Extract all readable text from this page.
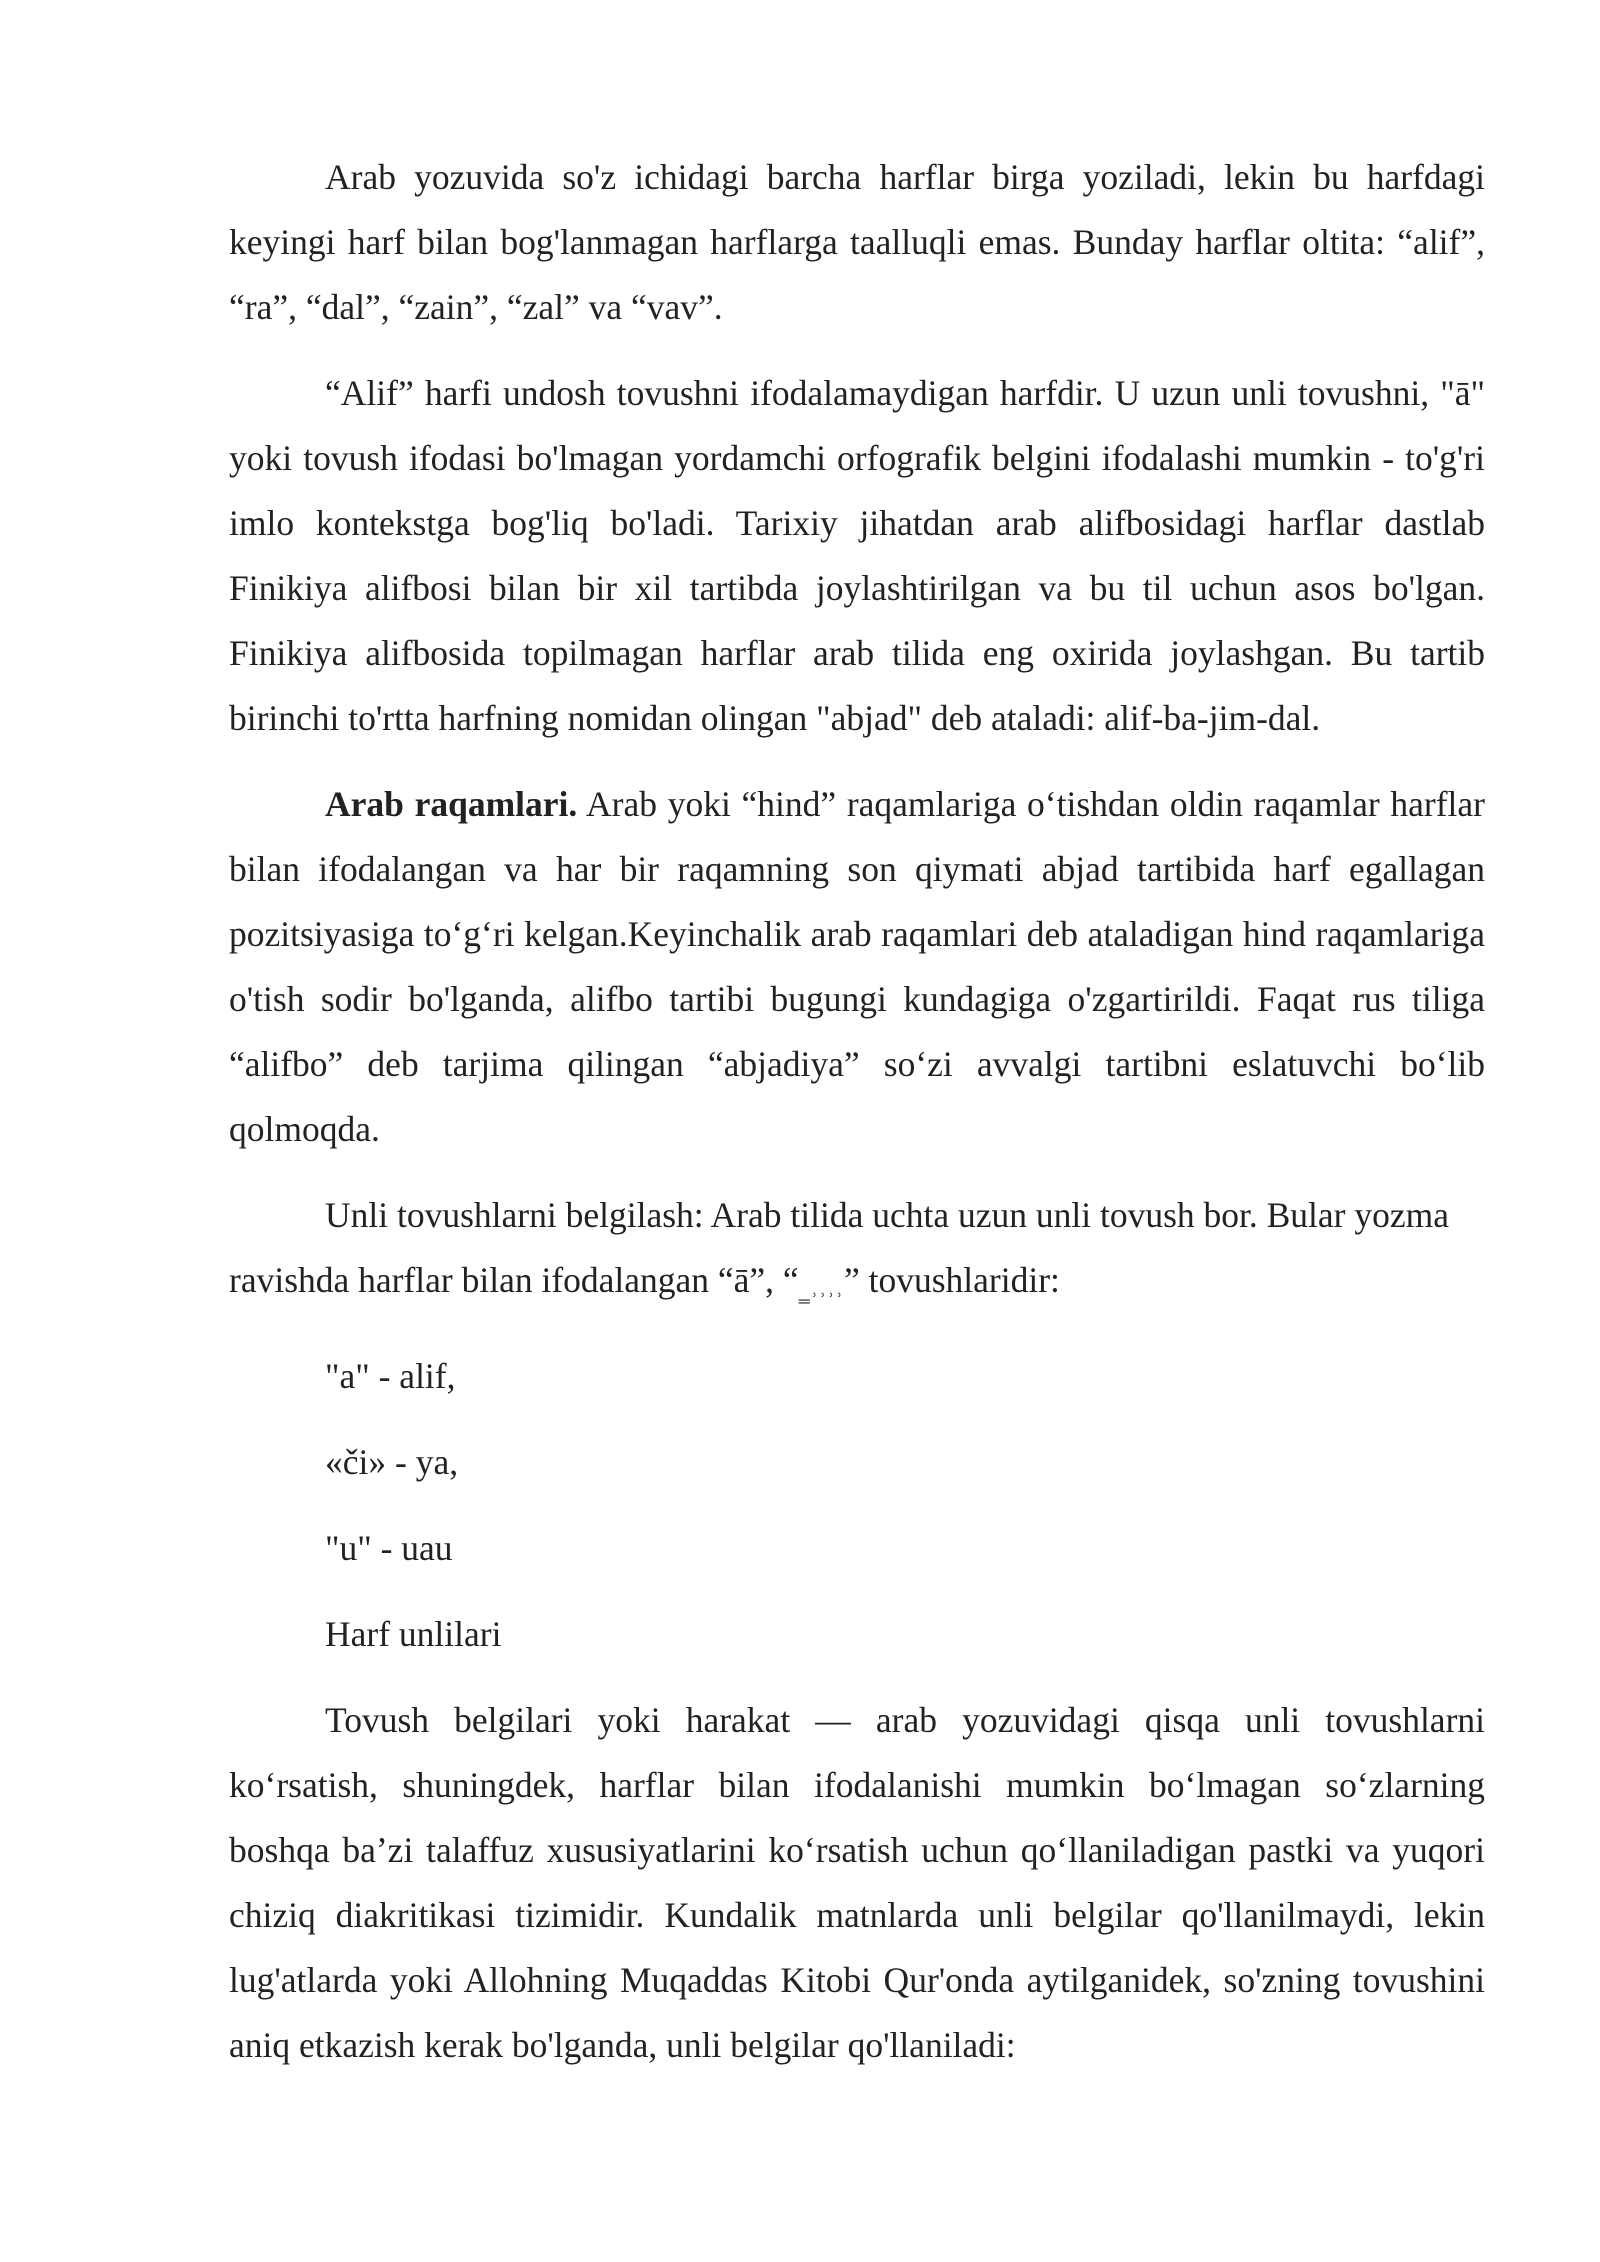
Arab yozuvida so'z ichidagi barcha harflar birga yoziladi, lekin bu harfdagi keyingi harf bilan bog'lanmagan harflarga taalluqli emas. Bunday harflar oltita: “alif”, “ra”, “dal”, “zain”, “zal” va “vav”.

“Alif” harfi undosh tovushni ifodalamaydigan harfdir. U uzun unli tovushni, "ā" yoki tovush ifodasi bo'lmagan yordamchi orfografik belgini ifodalashi mumkin - to'g'ri imlo kontekstga bog'liq bo'ladi. Tarixiy jihatdan arab alifbosidagi harflar dastlab Finikiya alifbosi bilan bir xil tartibda joylashtirilgan va bu til uchun asos bo'lgan. Finikiya alifbosida topilmagan harflar arab tilida eng oxirida joylashgan. Bu tartib birinchi to'rtta harfning nomidan olingan "abjad" deb ataladi: alif-ba-jim-dal.

Arab raqamlari. Arab yoki “hind” raqamlariga oʻtishdan oldin raqamlar harflar bilan ifodalangan va har bir raqamning son qiymati abjad tartibida harf egallagan pozitsiyasiga toʻgʻri kelgan.Keyinchalik arab raqamlari deb ataladigan hind raqamlariga o'tish sodir bo'lganda, alifbo tartibi bugungi kundagiga o'zgartirildi. Faqat rus tiliga “alifbo” deb tarjima qilingan “abjadiya” soʻzi avvalgi tartibni eslatuvchi boʻlib qolmoqda.

Unli tovushlarni belgilash: Arab tilida uchta uzun unli tovush bor. Bular yozma ravishda harflar bilan ifodalangan “ā”, “‗˒˒˒˒” tovushlaridir:

"a" - alif,

«či» - ya,

"u" - uau

Harf unlilari

Tovush belgilari yoki harakat — arab yozuvidagi qisqa unli tovushlarni koʻrsatish, shuningdek, harflar bilan ifodalanishi mumkin boʻlmagan soʻzlarning boshqa baʼzi talaffuz xususiyatlarini koʻrsatish uchun qoʻllaniladigan pastki va yuqori chiziq diakritikasi tizimidir. Kundalik matnlarda unli belgilar qo'llanilmaydi, lekin lug'atlarda yoki Allohning Muqaddas Kitobi Qur'onda aytilganidek, so'zning tovushini aniq etkazish kerak bo'lganda, unli belgilar qo'llaniladi:
